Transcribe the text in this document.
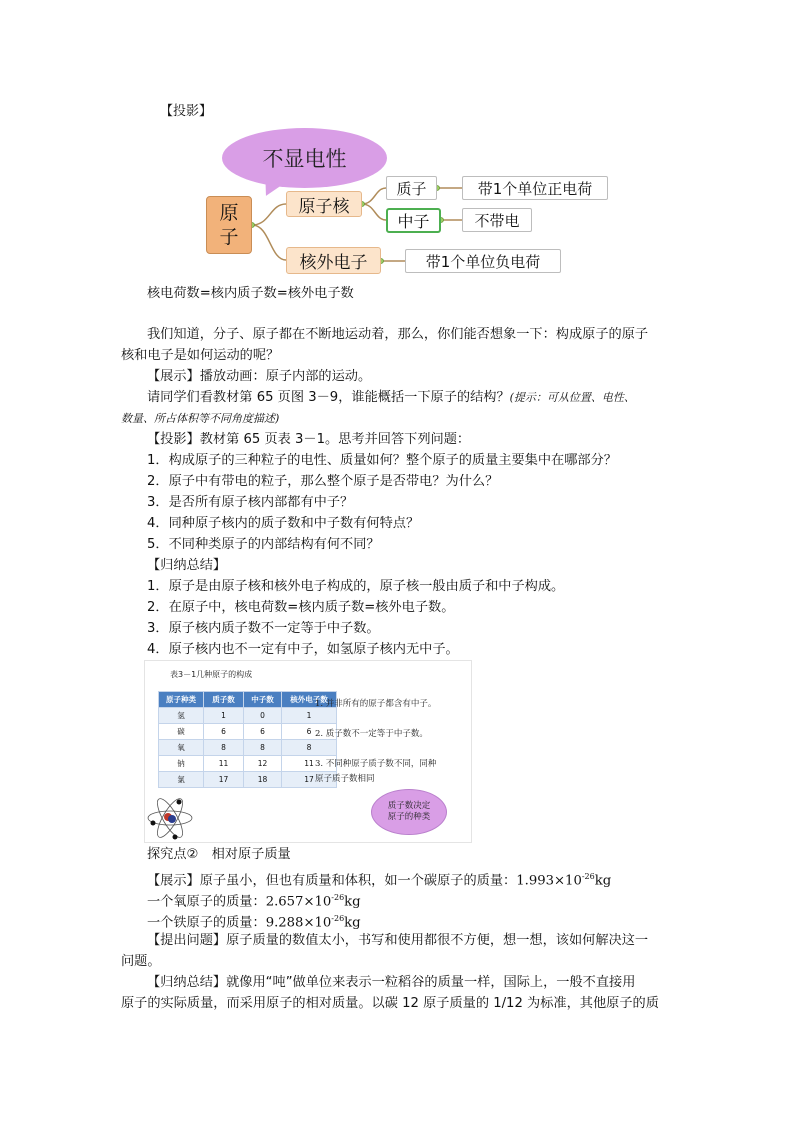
【投影】
不显电性
原
子
原子核
核外电子
质子
中子
带1个单位正电荷
不带电
带1个单位负电荷
核电荷数=核内质子数=核外电子数
我们知道，分子、原子都在不断地运动着，那么，你们能否想象一下：构成原子的原子
核和电子是如何运动的呢？
【展示】播放动画：原子内部的运动。
请同学们看教材第 65 页图 3－9，谁能概括一下原子的结构？(提示：可从位置、电性、
数量、所占体积等不同角度描述)
【投影】教材第 65 页表 3－1。思考并回答下列问题：
1．构成原子的三种粒子的电性、质量如何？整个原子的质量主要集中在哪部分？
2．原子中有带电的粒子，那么整个原子是否带电？为什么？
3．是否所有原子核内部都有中子？
4．同种原子核内的质子数和中子数有何特点？
5．不同种类原子的内部结构有何不同？
【归纳总结】
1．原子是由原子核和核外电子构成的，原子核一般由质子和中子构成。
2．在原子中，核电荷数=核内质子数=核外电子数。
3．原子核内质子数不一定等于中子数。
4．原子核内也不一定有中子，如氢原子核内无中子。
表3－1几种原子的构成
原子种类	质子数	中子数	核外电子数
氢	1	0	1
碳	6	6	6
氧	8	8	8
钠	11	12	11
氯	17	18	17
1. 并非所有的原子都含有中子。
2. 质子数不一定等于中子数。
3. 不同种原子质子数不同，同种
原子质子数相同
质子数决定
原子的种类
探究点②　相对原子质量
【展示】原子虽小，但也有质量和体积，如一个碳原子的质量：$1.993\times 10^{-26}kg$
一个氧原子的质量：$2.657\times 10^{-26}kg$
一个铁原子的质量：$9.288\times 10^{-26}kg$
【提出问题】原子质量的数值太小，书写和使用都很不方便，想一想，该如何解决这一
问题。
【归纳总结】就像用“吨”做单位来表示一粒稻谷的质量一样，国际上，一般不直接用
原子的实际质量，而采用原子的相对质量。以碳 12 原子质量的 1/12 为标准，其他原子的质
